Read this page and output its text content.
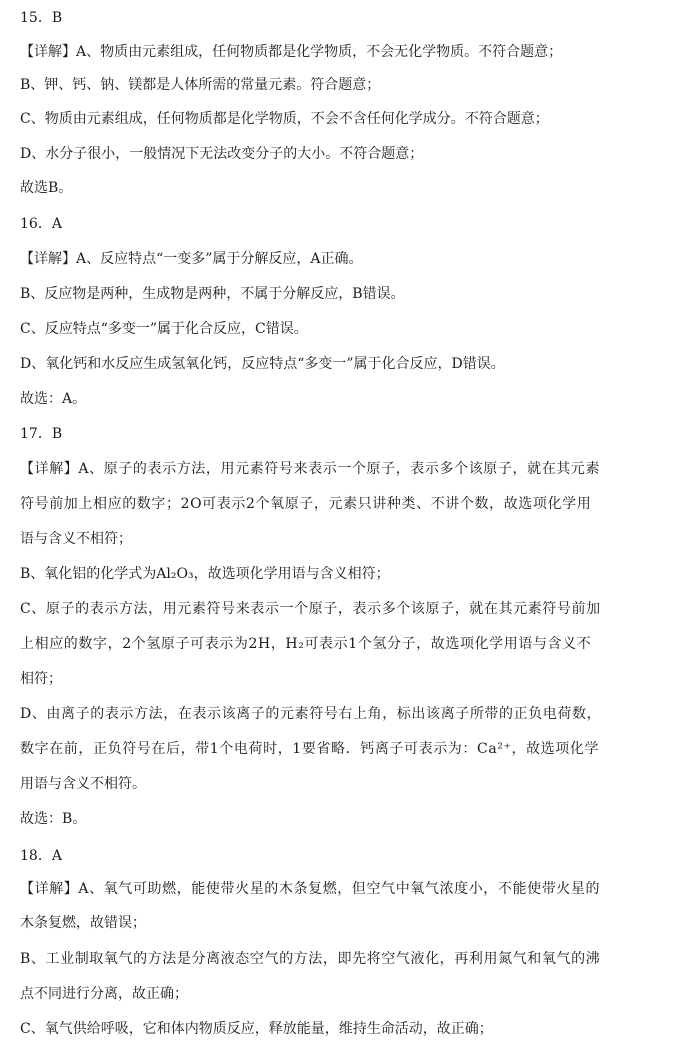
15．B
【详解】A、物质由元素组成，任何物质都是化学物质，不会无化学物质。不符合题意；
B、钾、钙、钠、镁都是人体所需的常量元素。符合题意；
C、物质由元素组成，任何物质都是化学物质，不会不含任何化学成分。不符合题意；
D、水分子很小，一般情况下无法改变分子的大小。不符合题意；
故选B。
16．A
【详解】A、反应特点“一变多”属于分解反应，A正确。
B、反应物是两种，生成物是两种，不属于分解反应，B错误。
C、反应特点“多变一”属于化合反应，C错误。
D、氧化钙和水反应生成氢氧化钙，反应特点“多变一”属于化合反应，D错误。
故选：A。
17．B
【详解】A、原子的表示方法，用元素符号来表示一个原子，表示多个该原子，就在其元素
符号前加上相应的数字；2O可表示2个氧原子，元素只讲种类、不讲个数，故选项化学用
语与含义不相符；
B、氧化铝的化学式为Al₂O₃，故选项化学用语与含义相符；
C、原子的表示方法，用元素符号来表示一个原子，表示多个该原子，就在其元素符号前加
上相应的数字，2个氢原子可表示为2H，H₂可表示1个氢分子，故选项化学用语与含义不
相符；
D、由离子的表示方法，在表示该离子的元素符号右上角，标出该离子所带的正负电荷数，
数字在前，正负符号在后，带1个电荷时，1要省略．钙离子可表示为：Ca²⁺，故选项化学
用语与含义不相符。
故选：B。
18．A
【详解】A、氧气可助燃，能使带火星的木条复燃，但空气中氧气浓度小，不能使带火星的
木条复燃，故错误；
B、工业制取氧气的方法是分离液态空气的方法，即先将空气液化，再利用氮气和氧气的沸
点不同进行分离，故正确；
C、氧气供给呼吸，它和体内物质反应，释放能量，维持生命活动，故正确；
